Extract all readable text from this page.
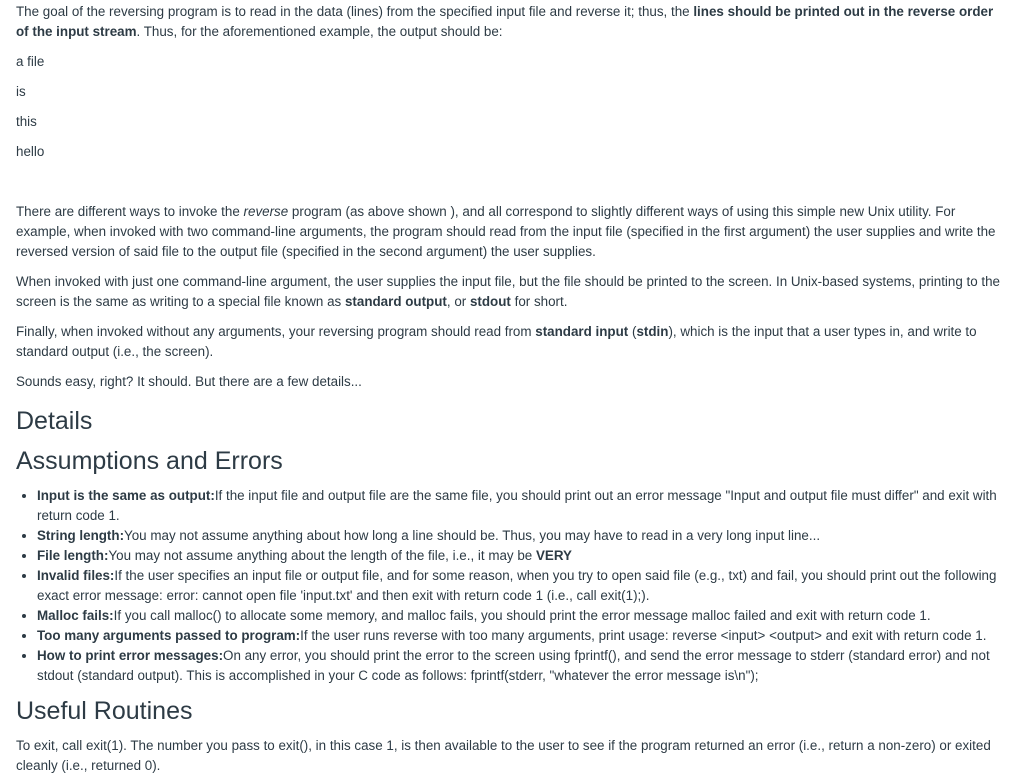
The goal of the reversing program is to read in the data (lines) from the specified input file and reverse it; thus, the lines should be printed out in the reverse order of the input stream. Thus, for the aforementioned example, the output should be:

a file
is
this
hello

There are different ways to invoke the reverse program (as above shown ), and all correspond to slightly different ways of using this simple new Unix utility. For example, when invoked with two command-line arguments, the program should read from the input file (specified in the first argument) the user supplies and write the reversed version of said file to the output file (specified in the second argument) the user supplies.

When invoked with just one command-line argument, the user supplies the input file, but the file should be printed to the screen. In Unix-based systems, printing to the screen is the same as writing to a special file known as standard output, or stdout for short.

Finally, when invoked without any arguments, your reversing program should read from standard input (stdin), which is the input that a user types in, and write to standard output (i.e., the screen).

Sounds easy, right? It should. But there are a few details...

Details
Assumptions and Errors
• Input is the same as output:If the input file and output file are the same file, you should print out an error message "Input and output file must differ" and exit with return code 1.
• String length:You may not assume anything about how long a line should be. Thus, you may have to read in a very long input line...
• File length:You may not assume anything about the length of the file, i.e., it may be VERY
• Invalid files:If the user specifies an input file or output file, and for some reason, when you try to open said file (e.g., txt) and fail, you should print out the following exact error message: error: cannot open file 'input.txt' and then exit with return code 1 (i.e., call exit(1);).
• Malloc fails:If you call malloc() to allocate some memory, and malloc fails, you should print the error message malloc failed and exit with return code 1.
• Too many arguments passed to program:If the user runs reverse with too many arguments, print usage: reverse <input> <output> and exit with return code 1.
• How to print error messages:On any error, you should print the error to the screen using fprintf(), and send the error message to stderr (standard error) and not stdout (standard output). This is accomplished in your C code as follows: fprintf(stderr, "whatever the error message is\n");
Useful Routines

To exit, call exit(1). The number you pass to exit(), in this case 1, is then available to the user to see if the program returned an error (i.e., return a non-zero) or exited cleanly (i.e., returned 0).
